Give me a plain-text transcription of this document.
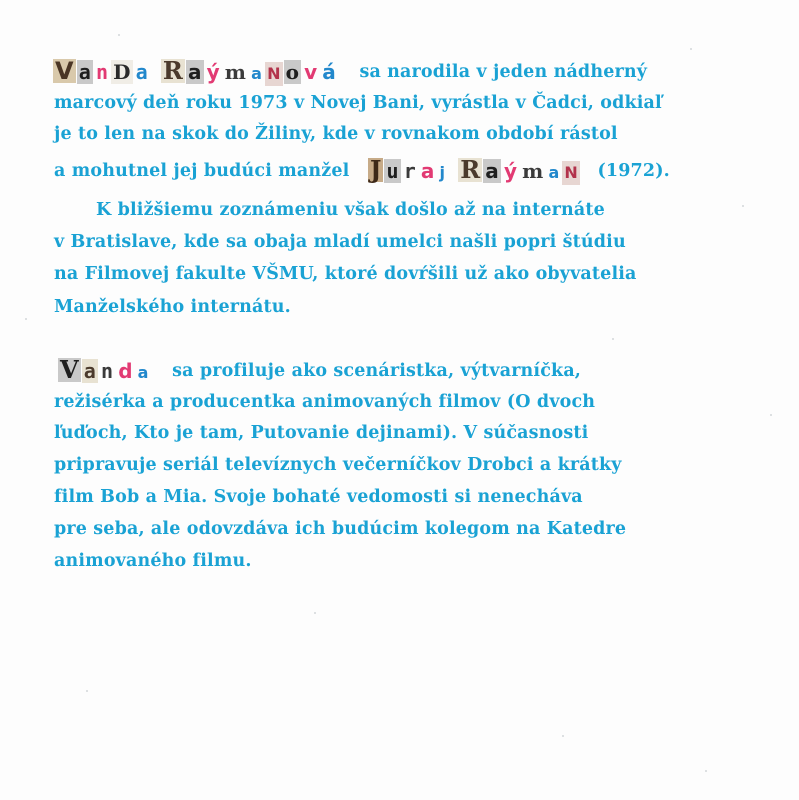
V a n D a R a ý m a N o v á sa narodila v jeden nádherný
marcový deň roku 1973 v Novej Bani, vyrástla v Čadci, odkiaľ
je to len na skok do Žiliny, kde v rovnakom období rástol
a mohutnel jej budúci manžel J u r a j R a ý m a N (1972).
K bližšiemu zoznámeniu však došlo až na internáte
v Bratislave, kde sa obaja mladí umelci našli popri štúdiu
na Filmovej fakulte VŠMU, ktoré dovŕšili už ako obyvatelia
Manželského internátu.
V a n d a sa profiluje ako scenáristka, výtvarníčka,
režisérka a producentka animovaných filmov (O dvoch
ľuďoch, Kto je tam, Putovanie dejinami). V súčasnosti
pripravuje seriál televíznych večerníčkov Drobci a krátky
film Bob a Mia. Svoje bohaté vedomosti si nenecháva
pre seba, ale odovzdáva ich budúcim kolegom na Katedre
animovaného filmu.
